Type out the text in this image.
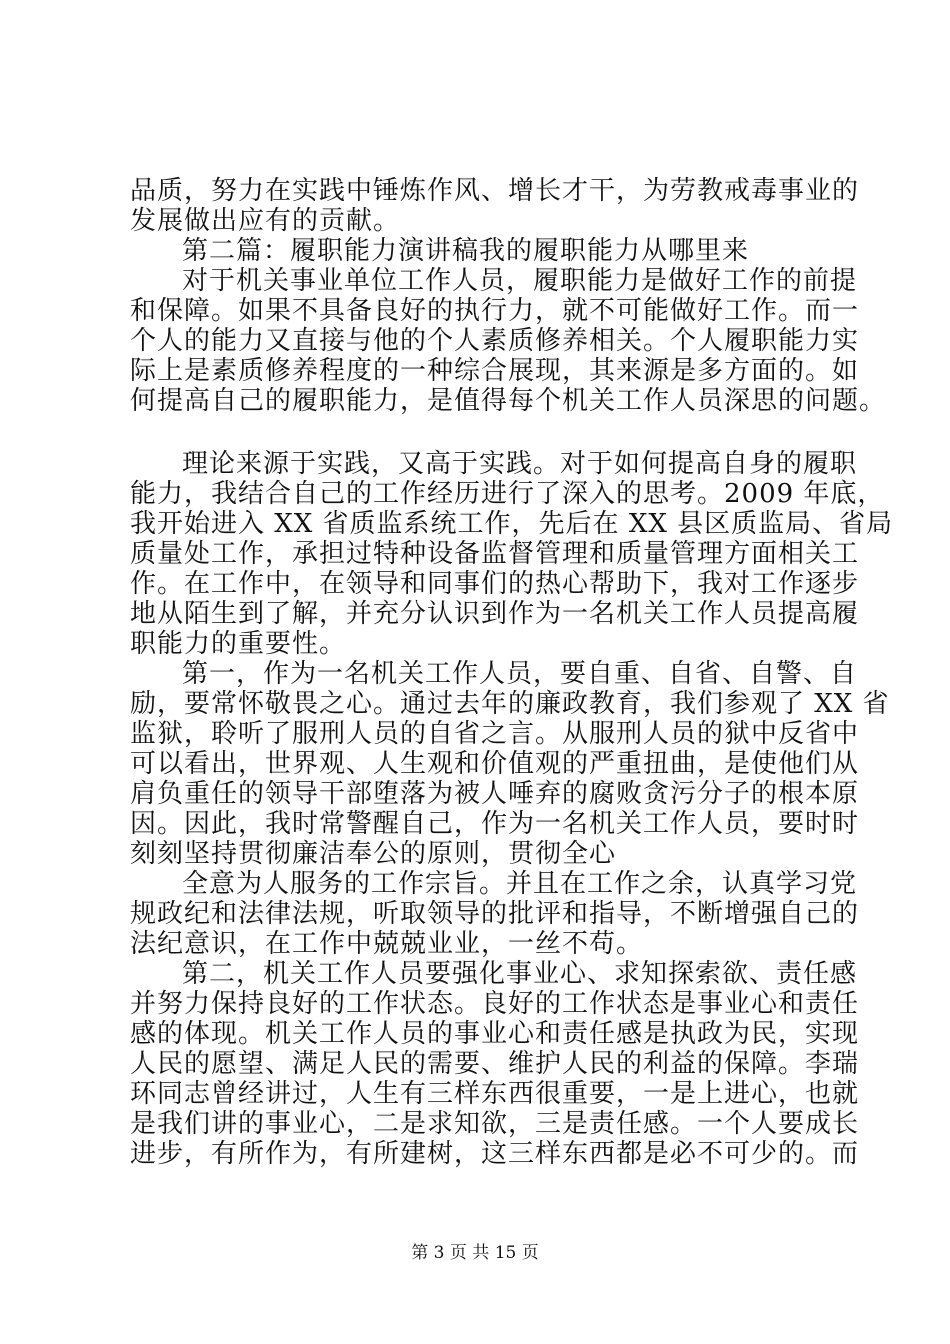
品质，努力在实践中锤炼作风、增长才干，为劳教戒毒事业的
发展做出应有的贡献。
第二篇：履职能力演讲稿我的履职能力从哪里来
对于机关事业单位工作人员，履职能力是做好工作的前提
和保障。如果不具备良好的执行力，就不可能做好工作。而一
个人的能力又直接与他的个人素质修养相关。个人履职能力实
际上是素质修养程度的一种综合展现，其来源是多方面的。如
何提高自己的履职能力，是值得每个机关工作人员深思的问题。
理论来源于实践，又高于实践。对于如何提高自身的履职
能力，我结合自己的工作经历进行了深入的思考。2009 年底，
我开始进入 XX 省质监系统工作，先后在 XX 县区质监局、省局
质量处工作，承担过特种设备监督管理和质量管理方面相关工
作。在工作中，在领导和同事们的热心帮助下，我对工作逐步
地从陌生到了解，并充分认识到作为一名机关工作人员提高履
职能力的重要性。
第一，作为一名机关工作人员，要自重、自省、自警、自
励，要常怀敬畏之心。通过去年的廉政教育，我们参观了 XX 省
监狱，聆听了服刑人员的自省之言。从服刑人员的狱中反省中
可以看出，世界观、人生观和价值观的严重扭曲，是使他们从
肩负重任的领导干部堕落为被人唾弃的腐败贪污分子的根本原
因。因此，我时常警醒自己，作为一名机关工作人员，要时时
刻刻坚持贯彻廉洁奉公的原则，贯彻全心
全意为人服务的工作宗旨。并且在工作之余，认真学习党
规政纪和法律法规，听取领导的批评和指导，不断增强自己的
法纪意识，在工作中兢兢业业，一丝不苟。
第二，机关工作人员要强化事业心、求知探索欲、责任感
并努力保持良好的工作状态。良好的工作状态是事业心和责任
感的体现。机关工作人员的事业心和责任感是执政为民，实现
人民的愿望、满足人民的需要、维护人民的利益的保障。李瑞
环同志曾经讲过，人生有三样东西很重要，一是上进心，也就
是我们讲的事业心，二是求知欲，三是责任感。一个人要成长
进步，有所作为，有所建树，这三样东西都是必不可少的。而
第 3 页 共 15 页
